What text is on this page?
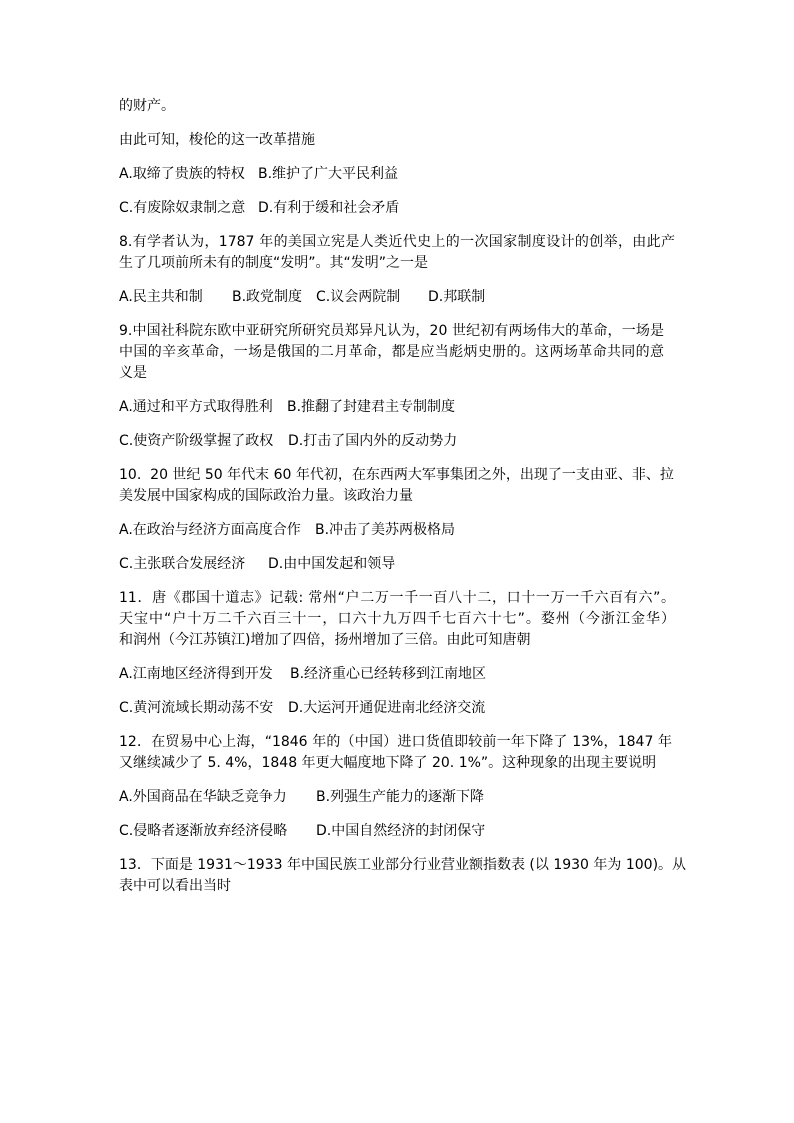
的财产。
由此可知，梭伦的这一改革措施
A.取缔了贵族的特权 B.维护了广大平民利益
C.有废除奴隶制之意 D.有利于缓和社会矛盾
8.有学者认为，1787 年的美国立宪是人类近代史上的一次国家制度设计的创举，由此产
生了几项前所未有的制度“发明”。其“发明”之一是
A.民主共和制	B.政党制度 C.议会两院制	D.邦联制
9.中国社科院东欧中亚研究所研究员郑异凡认为，20 世纪初有两场伟大的革命，一场是
中国的辛亥革命，一场是俄国的二月革命，都是应当彪炳史册的。这两场革命共同的意
义是
A.通过和平方式取得胜利	B.推翻了封建君主专制制度
C.使资产阶级掌握了政权	D.打击了国内外的反动势力
10.  20 世纪 50 年代末 60 年代初，在东西两大军事集团之外，出现了一支由亚、非、拉
美发展中国家构成的国际政治力量。该政治力量
A.在政治与经济方面高度合作	B.冲击了美苏两极格局
C.主张联合发展经济	D.由中国发起和领导
11．唐《郡国十道志》记载: 常州“户二万一千一百八十二，口十一万一千六百有六”。
天宝中“户十万二千六百三十一，口六十九万四千七百六十七”。婺州（今浙江金华）
和润州（今江苏镇江)增加了四倍，扬州增加了三倍。由此可知唐朝
A.江南地区经济得到开发	B.经济重心已经转移到江南地区
C.黄河流域长期动荡不安	D.大运河开通促进南北经济交流
12．在贸易中心上海，“1846 年的（中国）进口货值即较前一年下降了 13%，1847 年
又继续减少了 5. 4%，1848 年更大幅度地下降了 20. 1%”。这种现象的出现主要说明
A.外国商品在华缺乏竞争力	B.列强生产能力的逐渐下降
C.侵略者逐渐放弃经济侵略	D.中国自然经济的封闭保守
13．下面是 1931～1933 年中国民族工业部分行业营业额指数表 (以 1930 年为 100)。从
表中可以看出当时
